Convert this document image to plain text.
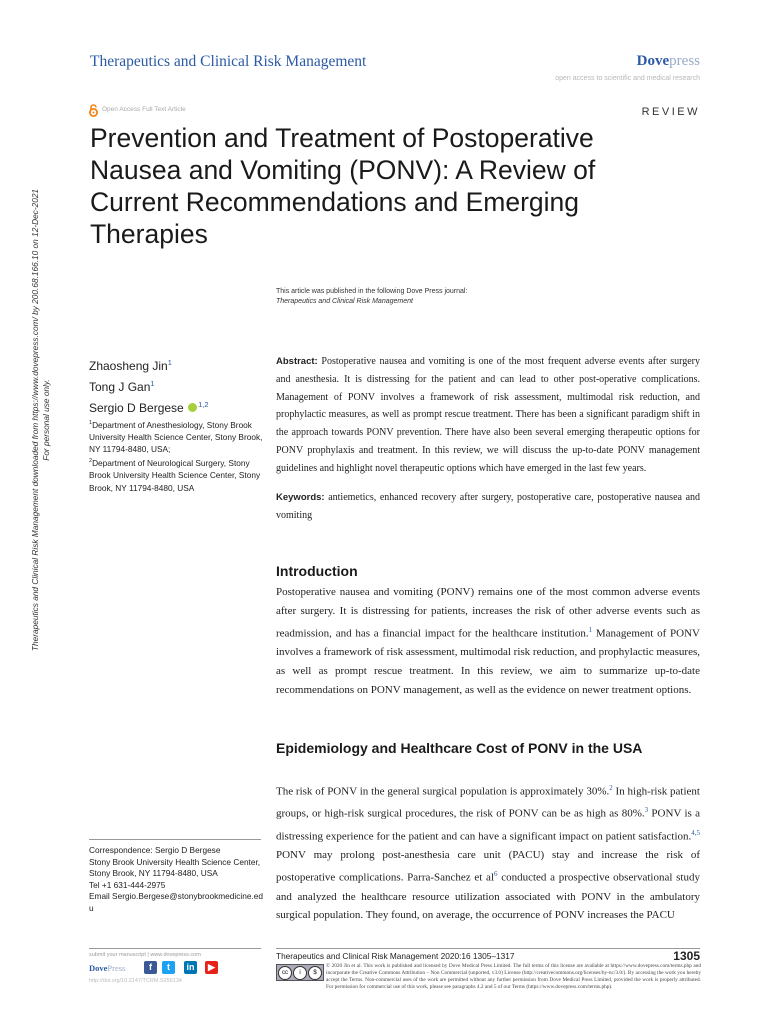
Therapeutics and Clinical Risk Management	Dovepress
open access to scientific and medical research
Open Access Full Text Article	REVIEW
Prevention and Treatment of Postoperative Nausea and Vomiting (PONV): A Review of Current Recommendations and Emerging Therapies
This article was published in the following Dove Press journal:
Therapeutics and Clinical Risk Management
Zhaosheng Jin$^1$
Tong J Gan$^1$
Sergio D Bergese $^{1,2}$
$^1$Department of Anesthesiology, Stony Brook University Health Science Center, Stony Brook, NY 11794-8480, USA;
$^2$Department of Neurological Surgery, Stony Brook University Health Science Center, Stony Brook, NY 11794-8480, USA

Abstract: Postoperative nausea and vomiting is one of the most frequent adverse events after surgery and anesthesia. It is distressing for the patient and can lead to other post-operative complications. Management of PONV involves a framework of risk assessment, multimodal risk reduction, and prophylactic measures, as well as prompt rescue treatment. There has been a significant paradigm shift in the approach towards PONV prevention. There have also been several emerging therapeutic options for PONV prophylaxis and treatment. In this review, we will discuss the up-to-date PONV management guidelines and highlight novel therapeutic options which have emerged in the last few years.

Keywords: antiemetics, enhanced recovery after surgery, postoperative care, postoperative nausea and vomiting

Introduction

Postoperative nausea and vomiting (PONV) remains one of the most common adverse events after surgery. It is distressing for patients, increases the risk of other adverse events such as readmission, and has a financial impact for the healthcare institution.$^1$ Management of PONV involves a framework of risk assessment, multimodal risk reduction, and prophylactic measures, as well as prompt rescue treatment. In this review, we aim to summarize up-to-date recommendations on PONV management, as well as the evidence on newer treatment options.

Epidemiology and Healthcare Cost of PONV in the USA

The risk of PONV in the general surgical population is approximately 30%.$^2$ In high-risk patient groups, or high-risk surgical procedures, the risk of PONV can be as high as 80%.$^3$ PONV is a distressing experience for the patient and can have a significant impact on patient satisfaction.$^{4,5}$ PONV may prolong post-anesthesia care unit (PACU) stay and increase the risk of postoperative complications. Parra-Sanchez et al$^6$ conducted a prospective observational study and analyzed the healthcare resource utilization associated with PONV in the ambulatory surgical population. They found, on average, the occurrence of PONV increases the PACU

Correspondence: Sergio D Bergese
Stony Brook University Health Science Center, Stony Brook, NY 11794-8480, USA
Tel +1 631-444-2975
Email Sergio.Bergese@stonybrookmedicine.edu
Therapeutics and Clinical Risk Management downloaded from https://www.dovepress.com/ by 200.68.166.10 on 12-Dec-2021 For personal use only.
submit your manuscript | www.dovepress.com
DovePress	f	t	in	▶
http://doi.org/10.2147/TCRM.S256134
Therapeutics and Clinical Risk Management 2020:16 1305–1317	1305
cc	i	$

© 2020 Jin et al. This work is published and licensed by Dove Medical Press Limited. The full terms of this license are available at https://www.dovepress.com/terms.php and incorporate the Creative Commons Attribution – Non Commercial (unported, v3.0) License (http://creativecommons.org/licenses/by-nc/3.0/). By accessing the work you hereby accept the Terms. Non-commercial uses of the work are permitted without any further permission from Dove Medical Press Limited, provided the work is properly attributed. For permission for commercial use of this work, please see paragraphs 4.2 and 5 of our Terms (https://www.dovepress.com/terms.php).
